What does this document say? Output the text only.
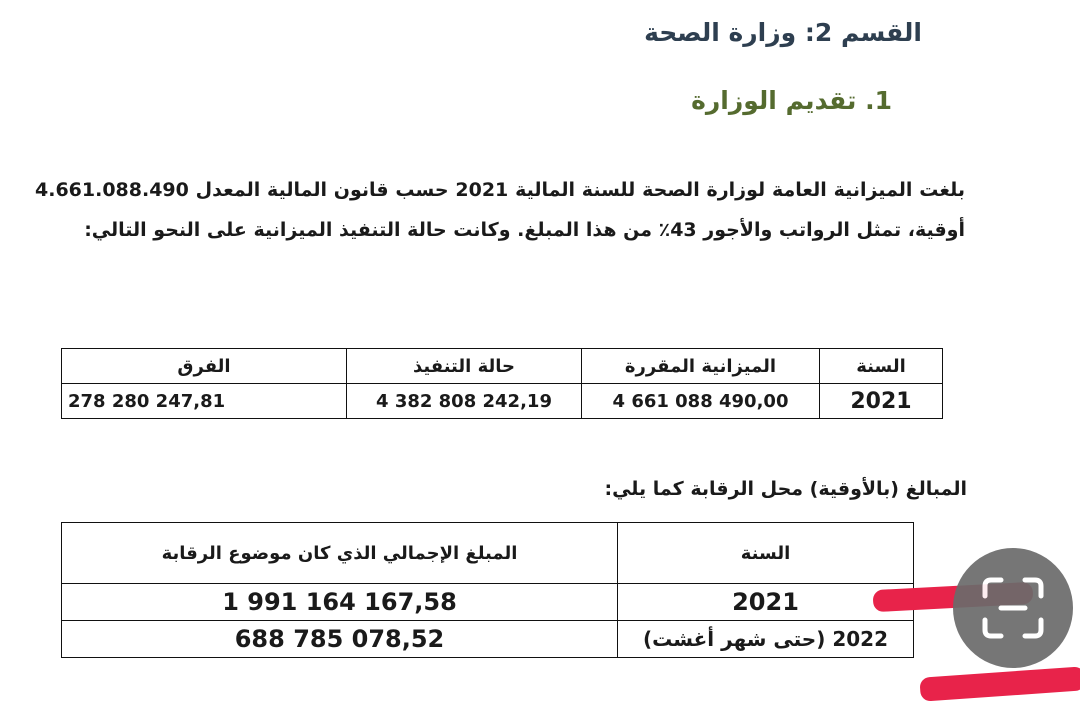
القسم 2: وزارة الصحة
1. تقديم الوزارة
بلغت الميزانية العامة لوزارة الصحة للسنة المالية 2021 حسب قانون المالية المعدل 4.661.088.490 أوقية، تمثل الرواتب والأجور 43٪ من هذا المبلغ. وكانت حالة التنفيذ الميزانية على النحو التالي:
السنة	الميزانية المقررة	حالة التنفيذ	الفرق
2021	4 661 088 490,00	4 382 808 242,19	278 280 247,81
المبالغ (بالأوقية) محل الرقابة كما يلي:
السنة	المبلغ الإجمالي الذي كان موضوع الرقابة
2021	1 991 164 167,58
2022 (حتى شهر أغشت)	688 785 078,52
